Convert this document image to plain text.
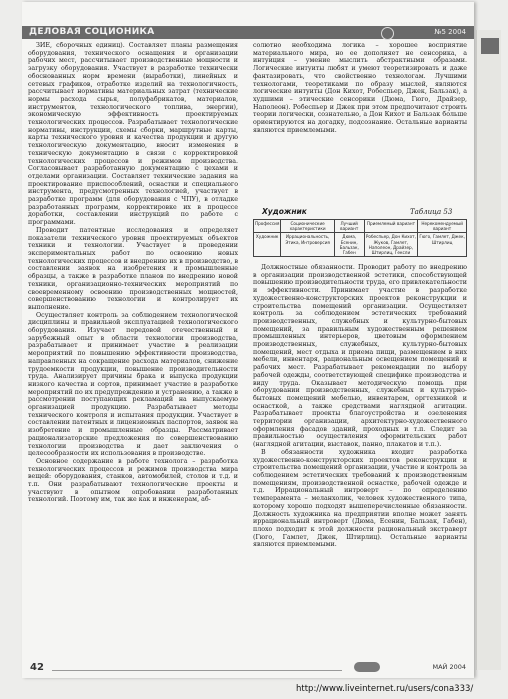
ДЕЛОВАЯ СОЦИОНИКА	№5 2004

ЗИЕ, сборочных единиц). Составляет планы размещения оборудования, технического оснащения и организации рабочих мест, рассчитывает производственные мощности и загрузку оборудования. Участвует в разработке технически обоснованных норм времени (выработки), линейных и сетевых графиков, отработке изделий на технологичность, рассчитывает нормативы материальных затрат (технические нормы расхода сырья, полуфабрикатов, материалов, инструментов, технологического топлива, энергии), экономическую эффективность проектируемых технологических процессов. Разрабатывает технологические нормативы, инструкции, схемы сборки, маршрутные карты, карты технического уровня и качества продукции и другую технологическую документацию, вносит изменения в техническую документацию в связи с корректировкой технологических процессов и режимов производства. Согласовывает разработанную документацию с цехами и отделами организации. Составляет технические задания на проектирование приспособлений, оснастки и специального инструмента, предусмотренных технологией, участвует в разработке программ (для оборудования с ЧПУ), в отладке разработанных программ, корректировке их в процессе доработки, составлении инструкций по работе с программами.

Проводит патентные исследования и определяет показатели технического уровня проектируемых объектов техники и технологии. Участвует в проведении экспериментальных работ по освоению новых технологических процессов и внедрению их в производство, в составлении заявок на изобретения и промышленные образцы, а также в разработке планов по внедрению новой техники, организационно-технических мероприятий по своевременному освоению производственных мощностей, совершенствованию технологии и контролирует их выполнение.

Осуществляет контроль за соблюдением технологической дисциплины и правильной эксплуатацией технологического оборудования. Изучает передовой отечественный и зарубежный опыт в области технологии производства, разрабатывает и принимает участие в реализации мероприятий по повышению эффективности производства, направленных на сокращение расхода материалов, снижение трудоемкости продукции, повышение производительности труда. Анализирует причины брака и выпуска продукции низкого качества и сортов, принимает участие в разработке мероприятий по их предупреждению и устранению, а также в рассмотрении поступающих рекламаций на выпускаемую организацией продукцию. Разрабатывает методы технического контроля и испытания продукции. Участвует в составлении патентных и лицензионных паспортов, заявок на изобретение и промышленные образцы. Рассматривает рационализаторские предложения по совершенствованию технологии производства и дает заключения о целесообразности их использования в производстве.

Основное содержание в работе технолога – разработка технологических процессов и режимов производства мира вещей: оборудования, станков, автомобилей, столов и т.д. и т.п. Они разрабатывают технологические проекты и участвуют в опытном опробовании разработанных технологий. Поэтому им, так же как и инженерам, аб-

солютно необходима логика – хорошее восприятие материального мира, но ее дополняет не сенсорика, а интуиция – умение мыслить абстрактными образами. Логические интуиты любят и умеют теоретизировать и даже фантазировать, что свойственно технологам. Лучшими технологами, теоретиками по образу мыслей, являются логические интуиты (Дон Кихот, Робеспьер, Джек, Бальзак), а худшими – этические сенсорики (Дюма, Гюго, Драйзер, Наполеон). Робеспьер и Джек при этом предпочитают строить теории логически, сознательно, а Дон Кихот и Бальзак больше ориентируются на догадку, подсознание. Остальные варианты являются приемлемыми.

Художник	Таблица 53
Профессия	Соционические характеристики	Лучший вариант	Приемлемый вариант	Нерекомендуемый вариант
Художник	Иррациональность, Этика, Интроверсия	Дюма, Есенин, Бальзак, Габен	Робеспьер, Дон Кихот, Жуков, Гамлет, Наполеон, Драйзер, Штирлиц, Гексли	Гюго, Гамлет, Джек, Штирлиц

Должностные обязанности. Проводит работу по внедрению в организации производственной эстетики, способствующей повышению производительности труда, его привлекательности и эффективности. Принимает участие в разработке художественно-конструкторских проектов реконструкции и строительства помещений организации. Осуществляет контроль за соблюдением эстетических требований производственных, служебных и культурно-бытовых помещений, за правильным художественным решением промышленных интерьеров, цветовым оформлением производственных, служебных, культурно-бытовых помещений, мест отдыха и приема пищи, размещением в них мебели, инвентаря, рациональным освещением помещений и рабочих мест. Разрабатывает рекомендации по выбору рабочей одежды, соответствующей специфике производства и виду труда. Оказывает методическую помощь при оборудовании производственных, служебных и культурно-бытовых помещений мебелью, инвентарем, оргтехникой и оснасткой, а также средствами наглядной агитации. Разрабатывает проекты благоустройства и озеленения территории организации, архитектурно-художественного оформления фасадов зданий, проходных и т.п. Следит за правильностью осуществления оформительских работ (наглядной агитации, выставок, панно, плакатов и т.п.).

В обязанности художника входит разработка художественно-конструкторских проектов реконструкции и строительства помещений организации, участие и контроль за соблюдением эстетических требований к производственным помещениям, производственной оснастке, рабочей одежде и т.д. Иррациональный интроверт – по определению темперамента – меланхолик, человек художественного типа, которому хорошо подходят вышеперечисленные обязанности. Должность художника на предприятии вполне может занять иррациональный интроверт (Дюма, Есенин, Бальзак, Габен), плохо подходит к этой должности рациональный экстраверт (Гюго, Гамлет, Джек, Штирлиц). Остальные варианты являются приемлемыми.

42	МАЙ 2004
http://www.liveinternet.ru/users/cona333/
